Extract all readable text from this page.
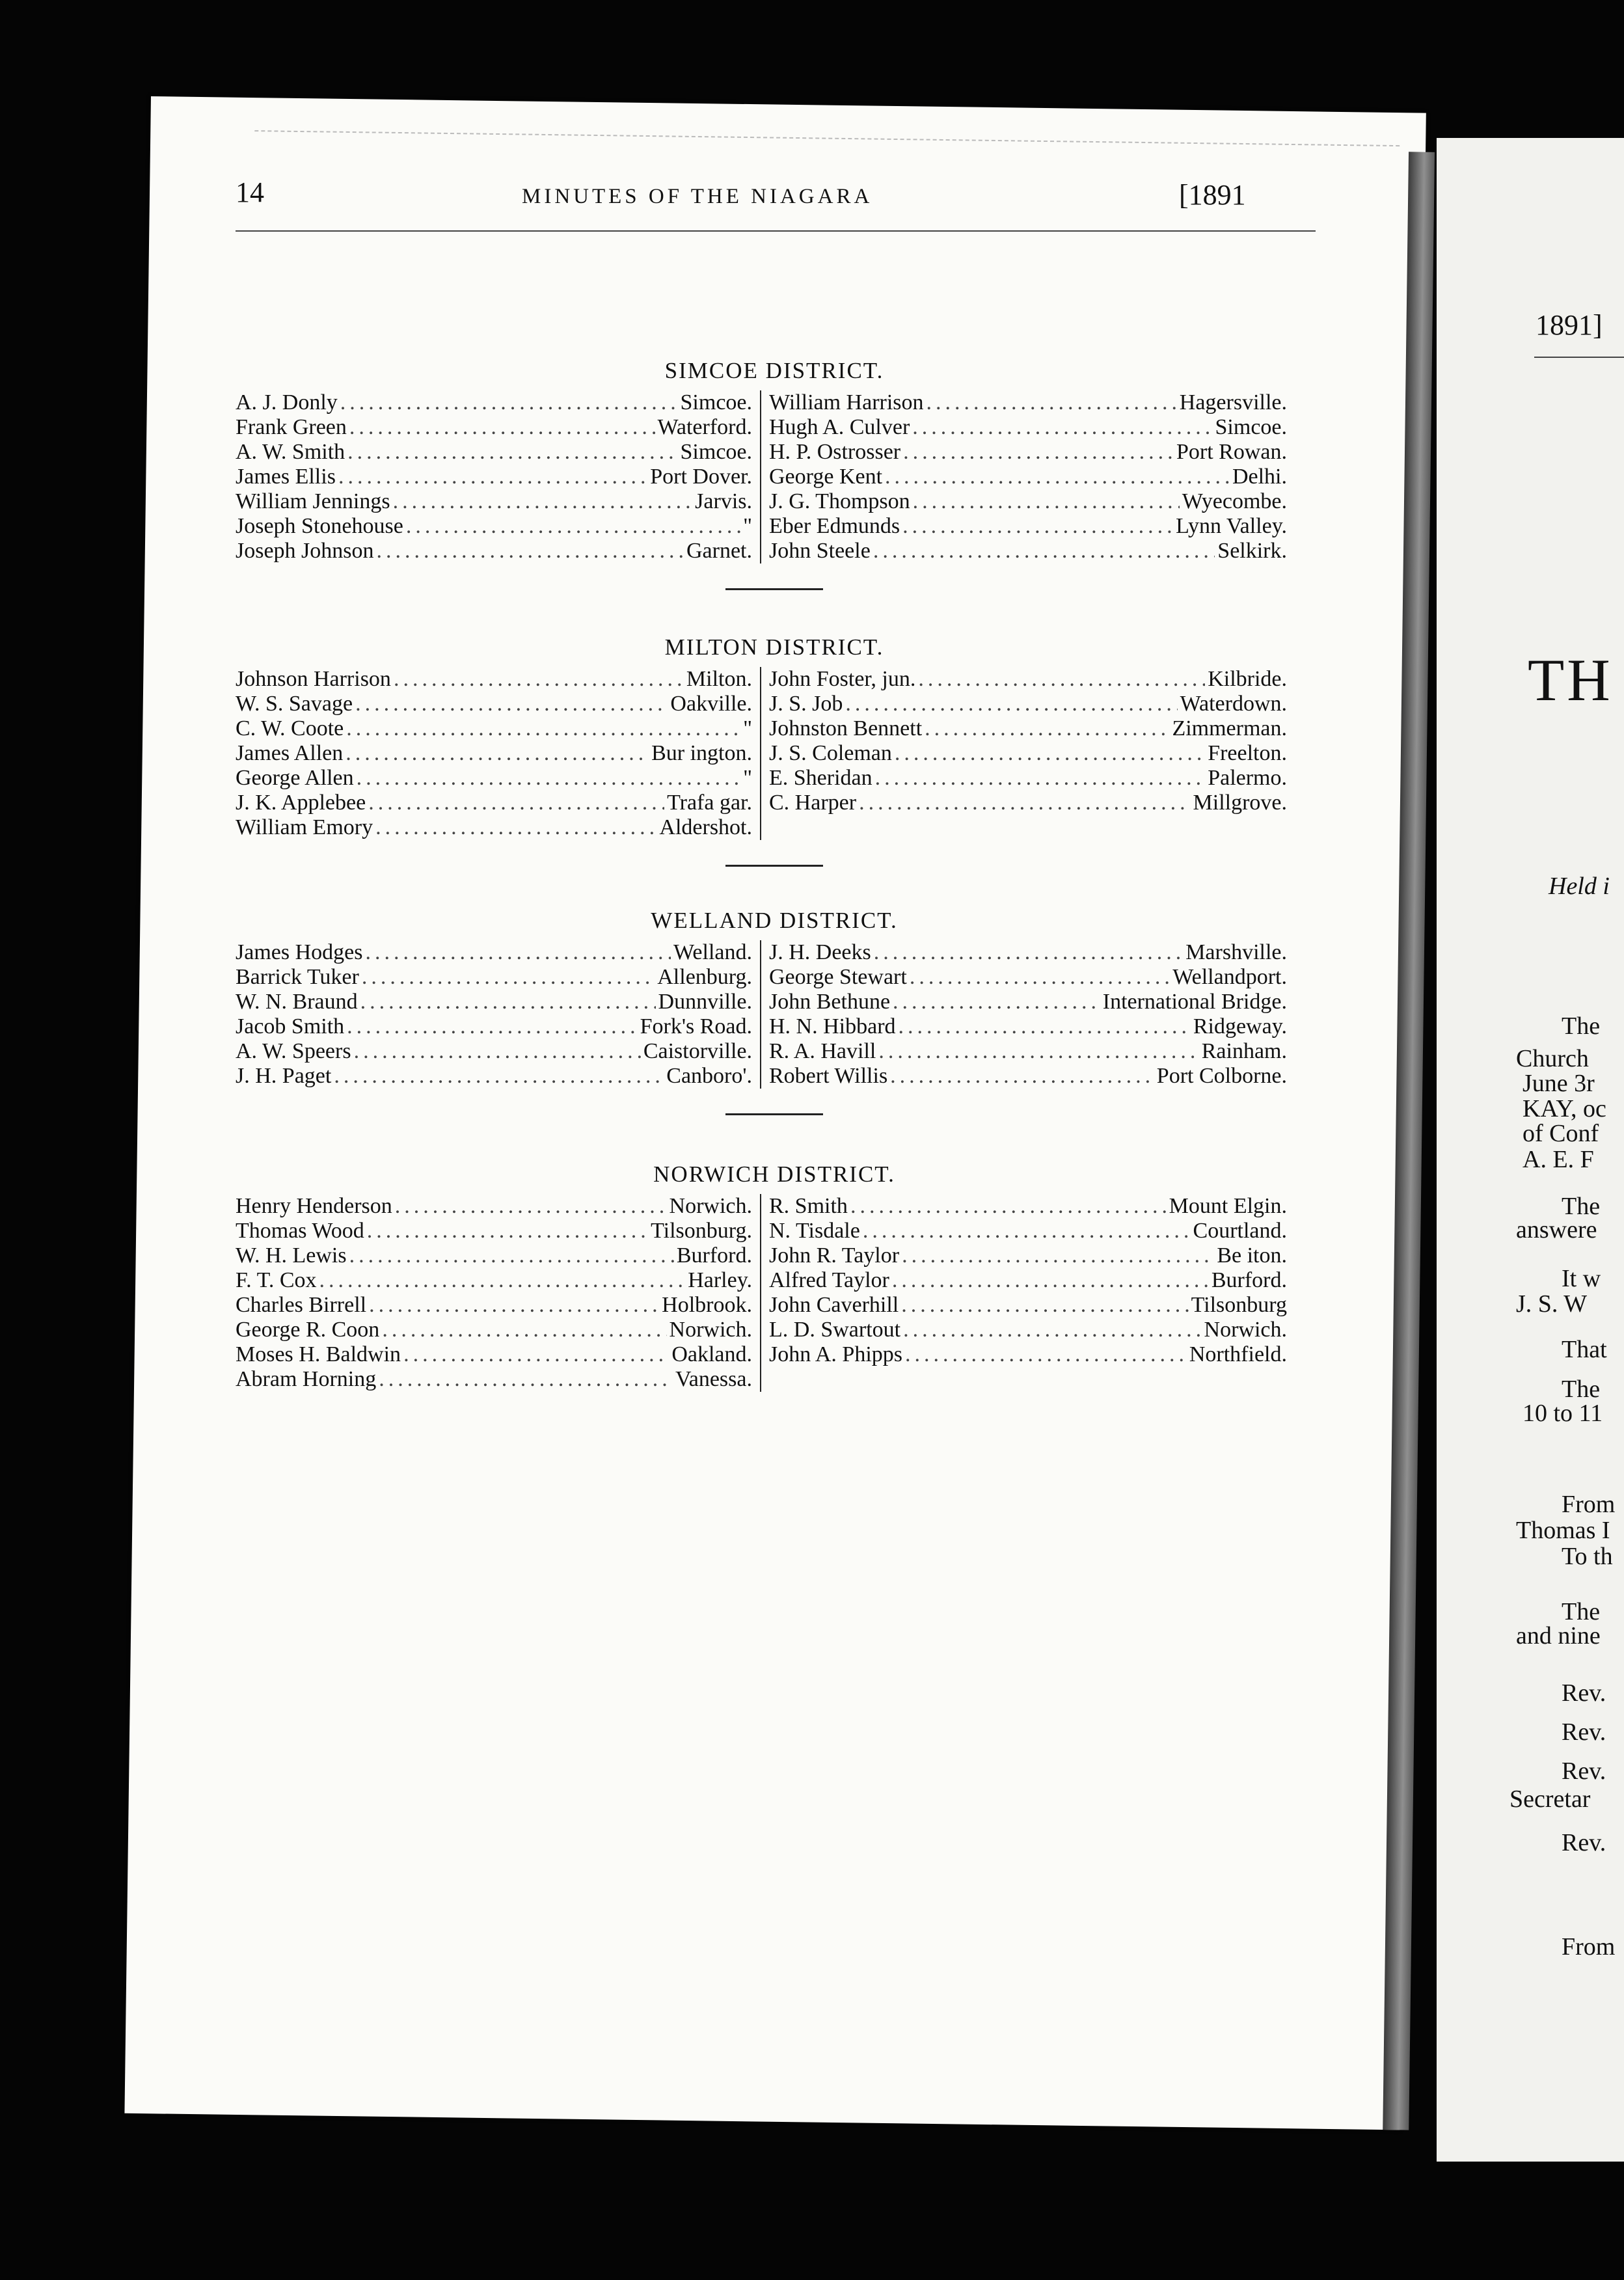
14	MINUTES OF THE NIAGARA	[1891
SIMCOE DISTRICT.
A. J. Donly .....	Simcoe.
Frank Green .....	Waterford.
A. W. Smith .....	Simcoe.
James Ellis .....	Port Dover.
William Jennings .....	Jarvis.
Joseph Stonehouse .....	"
Joseph Johnson .....	Garnet.
William Harrison .....	Hagersville.
Hugh A. Culver .....	Simcoe.
H. P. Ostrosser .....	Port Rowan.
George Kent .....	Delhi.
J. G. Thompson .....	Wyecombe.
Eber Edmunds .....	Lynn Valley.
John Steele .....	Selkirk.
MILTON DISTRICT.
Johnson Harrison .....	Milton.
W. S. Savage .....	Oakville.
C. W. Coote .....	"
James Allen .....	Bur ington.
George Allen .....	"
J. K. Applebee .....	Trafa gar.
William Emory .....	Aldershot.
John Foster, jun. .....	Kilbride.
J. S. Job .....	Waterdown.
Johnston Bennett .....	Zimmerman.
J. S. Coleman .....	Freelton.
E. Sheridan .....	Palermo.
C. Harper .....	Millgrove.
WELLAND DISTRICT.
James Hodges .....	Welland.
Barrick Tuker .....	Allenburg.
W. N. Braund .....	Dunnville.
Jacob Smith .....	Fork's Road.
A. W. Speers .....	Caistorville.
J. H. Paget .....	Canboro'.
J. H. Deeks .....	Marshville.
George Stewart .....	Wellandport.
John Bethune .....	International Bridge.
H. N. Hibbard .....	Ridgeway.
R. A. Havill .....	Rainham.
Robert Willis .....	Port Colborne.
NORWICH DISTRICT.
Henry Henderson .....	Norwich.
Thomas Wood .....	Tilsonburg.
W. H. Lewis .....	Burford.
F. T. Cox .....	Harley.
Charles Birrell .....	Holbrook.
George R. Coon .....	Norwich.
Moses H. Baldwin .....	Oakland.
Abram Horning .....	Vanessa.
R. Smith .....	Mount Elgin.
N. Tisdale .....	Courtland.
John R. Taylor .....	Be iton.
Alfred Taylor .....	Burford.
John Caverhill .....	Tilsonburg
L. D. Swartout .....	Norwich.
John A. Phipps .....	Northfield.
1891]
TH
Held i
The
Church
June 3r
KAY, oc
of Conf
A. E. F
The
answere
It w
J. S. W
That
The
10 to 11
From
Thomas I
To th
The
and nine
Rev.
Rev.
Rev.
Secretar
Rev.
From
